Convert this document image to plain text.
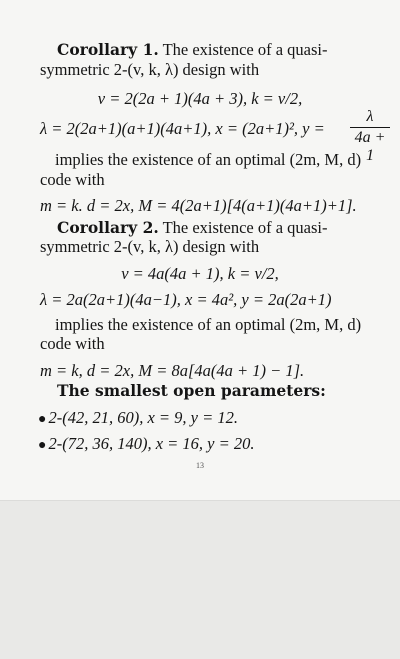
Corollary 1. The existence of a quasi-
symmetric 2-(v, k, λ) design with
v = 2(2a + 1)(4a + 3), k = v/2,
λ = 2(2a+1)(a+1)(4a+1), x = (2a+1)², y =
λ
4a + 1
implies the existence of an optimal (2m, M, d)
code with
m = k. d = 2x, M = 4(2a+1)[4(a+1)(4a+1)+1].
Corollary 2. The existence of a quasi-
symmetric 2-(v, k, λ) design with
v = 4a(4a + 1), k = v/2,
λ = 2a(2a+1)(4a−1), x = 4a², y = 2a(2a+1)
implies the existence of an optimal (2m, M, d)
code with
m = k, d = 2x, M = 8a[4a(4a + 1) − 1].
The smallest open parameters:
● 2-(42, 21, 60), x = 9, y = 12.
● 2-(72, 36, 140), x = 16, y = 20.
13
